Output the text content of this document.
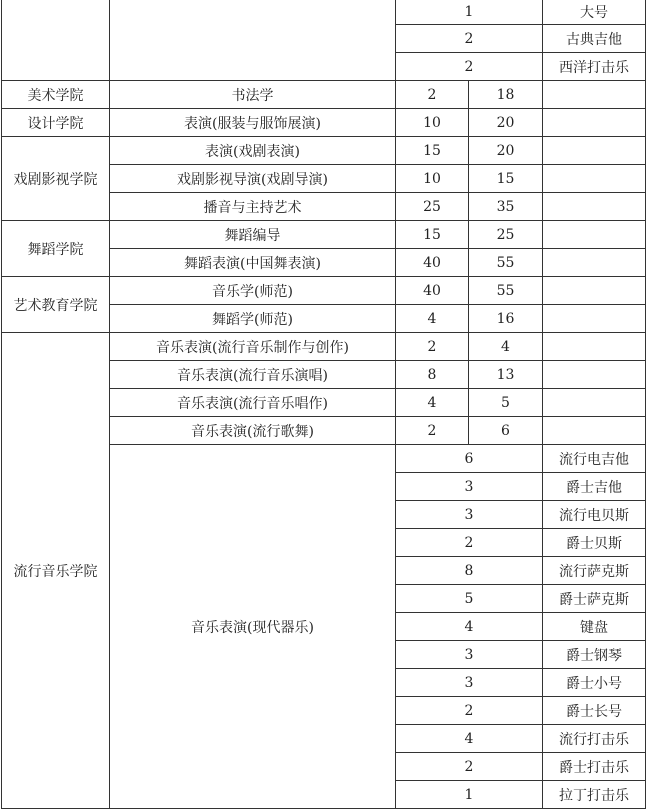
		1		大号
		2		古典吉他
		2		西洋打击乐
美术学院	书法学	2	18	
设计学院	表演(服装与服饰展演)	10	20	
戏剧影视学院	表演(戏剧表演)	15	20	
	戏剧影视导演(戏剧导演)	10	15	
	播音与主持艺术	25	35	
舞蹈学院	舞蹈编导	15	25	
	舞蹈表演(中国舞表演)	40	55	
艺术教育学院	音乐学(师范)	40	55	
	舞蹈学(师范)	4	16	
流行音乐学院	音乐表演(流行音乐制作与创作)	2	4	
	音乐表演(流行音乐演唱)	8	13	
	音乐表演(流行音乐唱作)	4	5	
	音乐表演(流行歌舞)	2	6	
	音乐表演(现代器乐)	6		流行电吉他
		3		爵士吉他
		3		流行电贝斯
		2		爵士贝斯
		8		流行萨克斯
		5		爵士萨克斯
		4		键盘
		3		爵士钢琴
		3		爵士小号
		2		爵士长号
		4		流行打击乐
		2		爵士打击乐
		1		拉丁打击乐
